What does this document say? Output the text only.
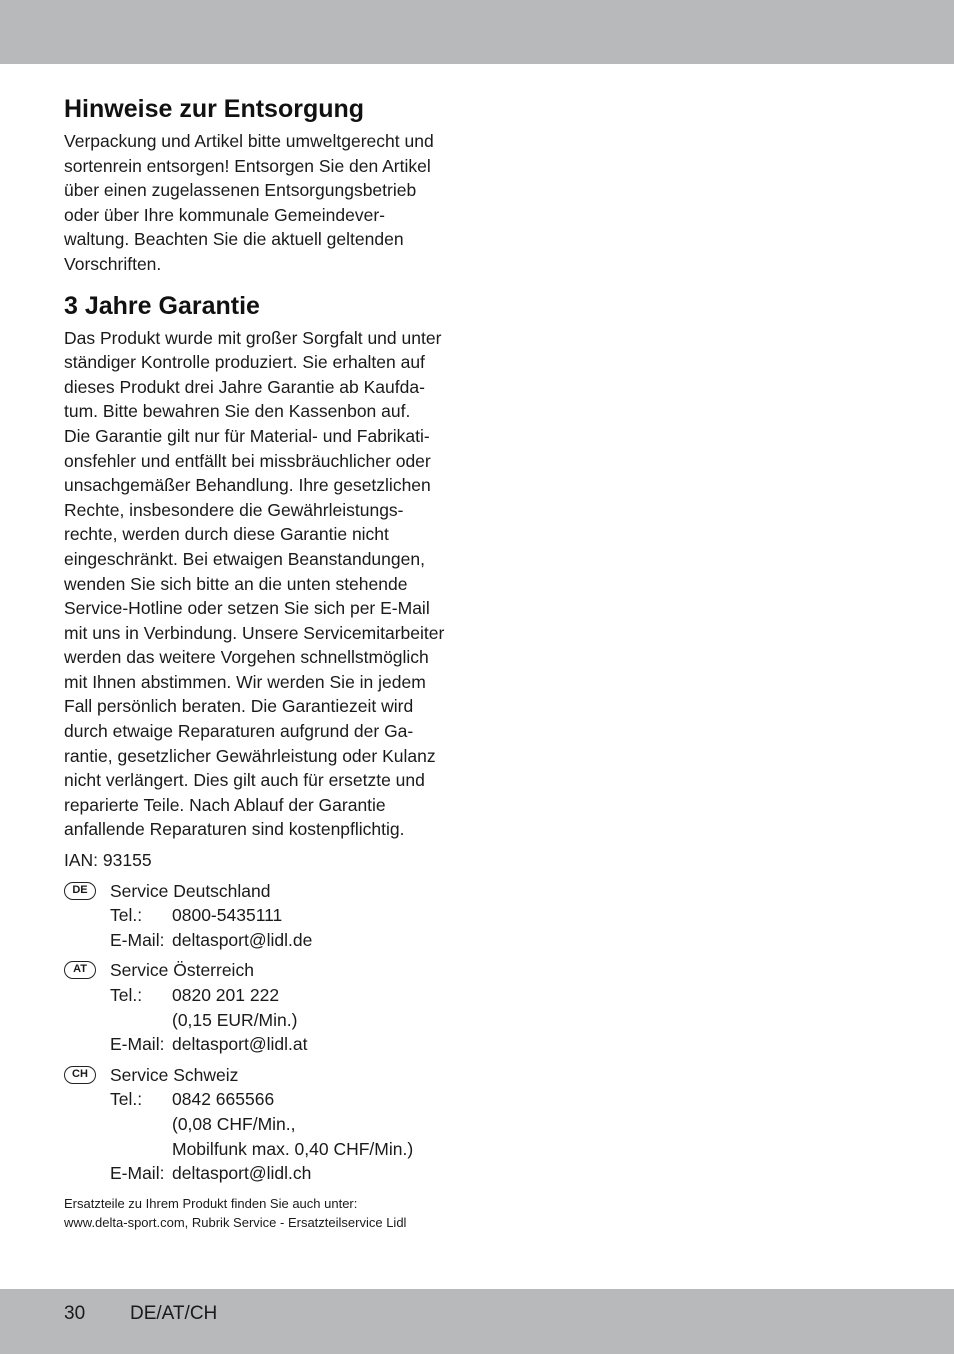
Hinweise zur Entsorgung

Verpackung und Artikel bitte umweltgerecht und
sortenrein entsorgen! Entsorgen Sie den Artikel
über einen zugelassenen Entsorgungsbetrieb
oder über Ihre kommunale Gemeindever-
waltung. Beachten Sie die aktuell geltenden
Vorschriften.

3 Jahre Garantie

Das Produkt wurde mit großer Sorgfalt und unter
ständiger Kontrolle produziert. Sie erhalten auf
dieses Produkt drei Jahre Garantie ab Kaufda-
tum. Bitte bewahren Sie den Kassenbon auf.
Die Garantie gilt nur für Material- und Fabrikati-
onsfehler und entfällt bei missbräuchlicher oder
unsachgemäßer Behandlung. Ihre gesetzlichen
Rechte, insbesondere die Gewährleistungs-
rechte, werden durch diese Garantie nicht
eingeschränkt. Bei etwaigen Beanstandungen,
wenden Sie sich bitte an die unten stehende
Service-Hotline oder setzen Sie sich per E-Mail
mit uns in Verbindung. Unsere Servicemitarbeiter
werden das weitere Vorgehen schnellstmöglich
mit Ihnen abstimmen. Wir werden Sie in jedem
Fall persönlich beraten. Die Garantiezeit wird
durch etwaige Reparaturen aufgrund der Ga-
rantie, gesetzlicher Gewährleistung oder Kulanz
nicht verlängert. Dies gilt auch für ersetzte und
reparierte Teile. Nach Ablauf der Garantie
anfallende Reparaturen sind kostenpflichtig.

IAN: 93155
DE	Service Deutschland
Tel.:	0800-5435111
E-Mail: deltasport@lidl.de
AT	Service Österreich
Tel.:	0820 201 222
(0,15 EUR/Min.)
E-Mail: deltasport@lidl.at
CH	Service Schweiz
Tel.:	0842 665566
(0,08 CHF/Min.,
Mobilfunk max. 0,40 CHF/Min.)
E-Mail: deltasport@lidl.ch
Ersatzteile zu Ihrem Produkt finden Sie auch unter:
www.delta-sport.com, Rubrik Service - Ersatzteilservice Lidl
30 DE/AT/CH
